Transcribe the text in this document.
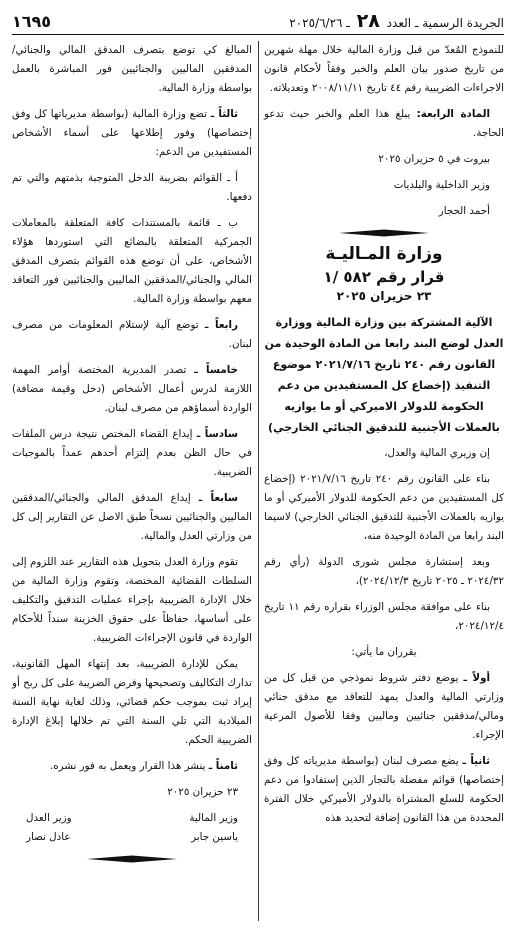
الجريدة الرسمية ـ العدد ٢٨ ـ ٢٠٢٥/٦/٢٦
١٦٩٥

للنموذج المُعدّ من قبل وزارة المالية خلال مهلة شهرين من تاريخ صدور بيان العلم والخبر وفقاً لأحكام قانون الاجراءات الضريبية رقم ٤٤ تاريخ ٢٠٠٨/١١/١١ وتعديلاته.

المادة الرابعة: يبلغ هذا العلم والخبر حيث تدعو الحاجة.

بيروت في ٥ حزيران ٢٠٢٥

وزير الداخلية والبلديات

أحمد الحجار

وزارة المـاليـة
قرار رقم ٥٨٢ /١
٢٣ حزيران ٢٠٢٥
الآلية المشتركة بين وزارة المالية ووزارة العدل لوضع البند رابعا من المادة الوحيدة من القانون رقم ٢٤٠ تاريخ ٢٠٢١/٧/١٦ موضوع التنفيذ (إخضاع كل المستفيدين من دعم الحكومة للدولار الاميركي أو ما يوازيه بالعملات الأجنبية للتدقيق الجنائي الخارجي)

إن وزيري المالية والعدل،

بناء على القانون رقم ٢٤٠ تاريخ ٢٠٢١/٧/١٦ (إخضاع كل المستفيدين من دعم الحكومة للدولار الأميركي أو ما يوازيه بالعملات الأجنبية للتدقيق الجنائي الخارجي) لاسيما البند رابعا من المادة الوحيدة منه،

وبعد إستشارة مجلس شورى الدولة (رأي رقم ٢٠٢٤/٣٢ ـ ٢٠٢٥ تاريخ ٢٠٢٤/١٢/٣)،

بناء على موافقة مجلس الوزراء بقراره رقم ١١ تاريخ ٢٠٢٤/١٢/٤،

يقرران ما يأتي:

أولاً ـ يوضع دفتر شروط نموذجي من قبل كل من وزارتي المالية والعدل يمهد للتعاقد مع مدقق جنائي ومالي/مدققين جنائيين وماليين وفقا للأصول المرعية الإجراء.

ثانياً ـ يضع مصرف لبنان (بواسطة مديرياته كل وفق إختصاصها) قوائم مفصلة بالتجار الذين إستفادوا من دعم الحكومة للسلع المشتراة بالدولار الأميركي خلال الفترة المحددة من هذا القانون إضافة لتحديد هذه

المبالغ كي توضع بتصرف المدقق المالي والجنائي/ المدققين الماليين والجنائيين فور المباشرة بالعمل بواسطة وزارة المالية.

ثالثاً ـ تضع وزارة المالية (بواسطة مديرياتها كل وفق إختصاصها) وفور إطلاعها على أسماء الأشخاص المستفيدين من الدعم:

أ ـ القوائم بضريبة الدخل المتوجبة بذمتهم والتي تم دفعها.

ب ـ قائمة بالمستندات كافة المتعلقة بالمعاملات الجمركية المتعلقة بالبضائع التي استوردها هؤلاء الأشخاص، على أن توضع هذه القوائم بتصرف المدقق المالي والجنائي/المدققين الماليين والجنائيين فور التعاقد معهم بواسطة وزارة المالية.

رابعاً ـ توضع آلية لإستلام المعلومات من مصرف لبنان.

خامساً ـ تصدر المديرية المختصة أوامر المهمة اللازمة لدرس أعمال الأشخاص (دخل وقيمة مضافة) الواردة أسماؤهم من مصرف لبنان.

سادساً ـ إيداع القضاء المختص نتيجة درس الملفات في حال الظن بعدم إلتزام أحدهم عمداً بالموجبات الضريبية.

سابعاً ـ إيداع المدقق المالي والجنائي/المدققين الماليين والجنائيين نسخاً طبق الاصل عن التقارير إلى كل من وزارتي العدل والمالية.

تقوم وزارة العدل بتحويل هذه التقارير عند اللزوم إلى السلطات القضائية المختصة، وتقوم وزارة المالية من خلال الإدارة الضريبية بإجراء عمليات التدقيق والتكليف على أساسها، حفاظاً على حقوق الخزينة سنداً للأحكام الواردة في قانون الإجراءات الضريبية.

يمكن للإدارة الضريبية، بعد إنتهاء المهل القانونية، تدارك التكاليف وتصحيحها وفرض الضريبة على كل ربح أو إيراد ثبت بموجب حكم قضائي، وذلك لغاية نهاية السنة الميلادية التي تلي السنة التي تم خلالها إبلاغ الإدارة الضريبية الحكم.

ثامناً ـ ينشر هذا القرار ويعمل به فور نشره.

٢٣ حزيران ٢٠٢٥

وزير المالية
وزير العدل
ياسين جابر
عادل نصار
